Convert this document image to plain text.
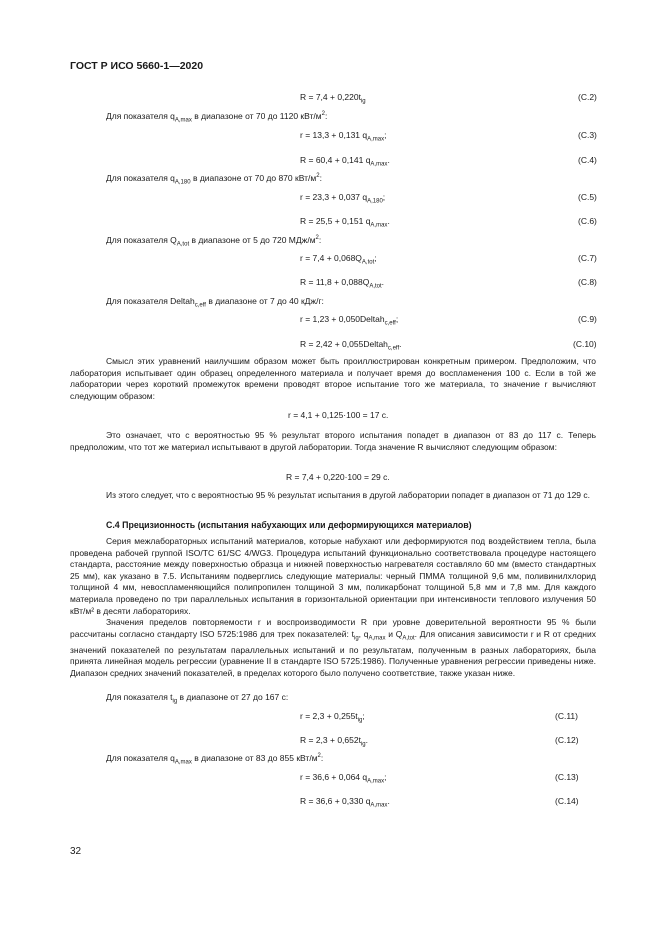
ГОСТ Р ИСО 5660-1—2020
$R = 7,4 + 0,220t_{ig}$	(C.2)
Для показателя $q_{A,max}$ в диапазоне от 70 до 1120 кВт/$м^2$:
r = 13,3 + 0,131 $q_{A,max}$;	(C.3)
R = 60,4 + 0,141 $q_{A,max}$.	(C.4)
Для показателя $q_{A,180}$ в диапазоне от 70 до 870 кВт/$м^2$:
r = 23,3 + 0,037 $q_{A,180}$;	(C.5)
R = 25,5 + 0,151 $q_{A,max}$.	(C.6)
Для показателя $Q_{A,tot}$ в диапазоне от 5 до 720 МДж/$м^2$:
$r = 7,4 + 0,068Q_{A,tot}$;	(C.7)
$R = 11,8 + 0,088Q_{A,tot}$.	(C.8)
Для показателя Deltah$_{c,eff}$ в диапазоне от 7 до 40 кДж/г:
r = 1,23 + 0,050Deltah$_{c,eff}$;	(C.9)
R = 2,42 + 0,055Deltah$_{c,eff}$.	(C.10)
Смысл этих уравнений наилучшим образом может быть проиллюстрирован конкретным примером. Предположим, что лаборатория испытывает один образец определенного материала и получает время до воспламенения 100 с. Если в той же лаборатории через короткий промежуток времени проводят второе испытание того же материала, то значение r вычисляют следующим образом:
r = 4,1 + 0,125·100 = 17 с.
Это означает, что с вероятностью 95 % результат второго испытания попадет в диапазон от 83 до 117 с. Теперь предположим, что тот же материал испытывают в другой лаборатории. Тогда значение R вычисляют следующим образом:
R = 7,4 + 0,220·100 = 29 с.
Из этого следует, что с вероятностью 95 % результат испытания в другой лаборатории попадет в диапазон от 71 до 129 с.
С.4 Прецизионность (испытания набухающих или деформирующихся материалов)
Серия межлабораторных испытаний материалов, которые набухают или деформируются под воздействием тепла, была проведена рабочей группой ISO/TC 61/SC 4/WG3. Процедура испытаний функционально соответствовала процедуре настоящего стандарта, расстояние между поверхностью образца и нижней поверхностью нагревателя составляло 60 мм (вместо стандартных 25 мм), как указано в 7.5. Испытаниям подверглись следующие материалы: черный ПММА толщиной 9,6 мм, поливинилхлорид толщиной 4 мм, невоспламеняющийся полипропилен толщиной 3 мм, поликарбонат толщиной 5,8 мм и 7,8 мм. Для каждого материала проведено по три параллельных испытания в горизонтальной ориентации при интенсивности теплового излучения 50 кВт/м² в десяти лабораториях.
Значения пределов повторяемости r и воспроизводимости R при уровне доверительной вероятности 95 % были рассчитаны согласно стандарту ISO 5725:1986 для трех показателей: $t_{ig}$, $q_{A,max}$ и $Q_{A,tot}$. Для описания зависимости r и R от средних значений показателей по результатам параллельных испытаний и по результатам, полученным в разных лабораториях, была принята линейная модель регрессии (уравнение II в стандарте ISO 5725:1986). Полученные уравнения регрессии приведены ниже. Диапазон средних значений показателей, в пределах которого было получено соответствие, также указан ниже.
Для показателя $t_{ig}$ в диапазоне от 27 до 167 с:
$r = 2,3 + 0,255t_{ig}$;	(C.11)
$R = 2,3 + 0,652t_{ig}$.	(C.12)
Для показателя $q_{A,max}$ в диапазоне от 83 до 855 кВт/$м^2$:
r = 36,6 + 0,064 $q_{A,max}$;	(C.13)
R = 36,6 + 0,330 $q_{A,max}$.	(C.14)
32
